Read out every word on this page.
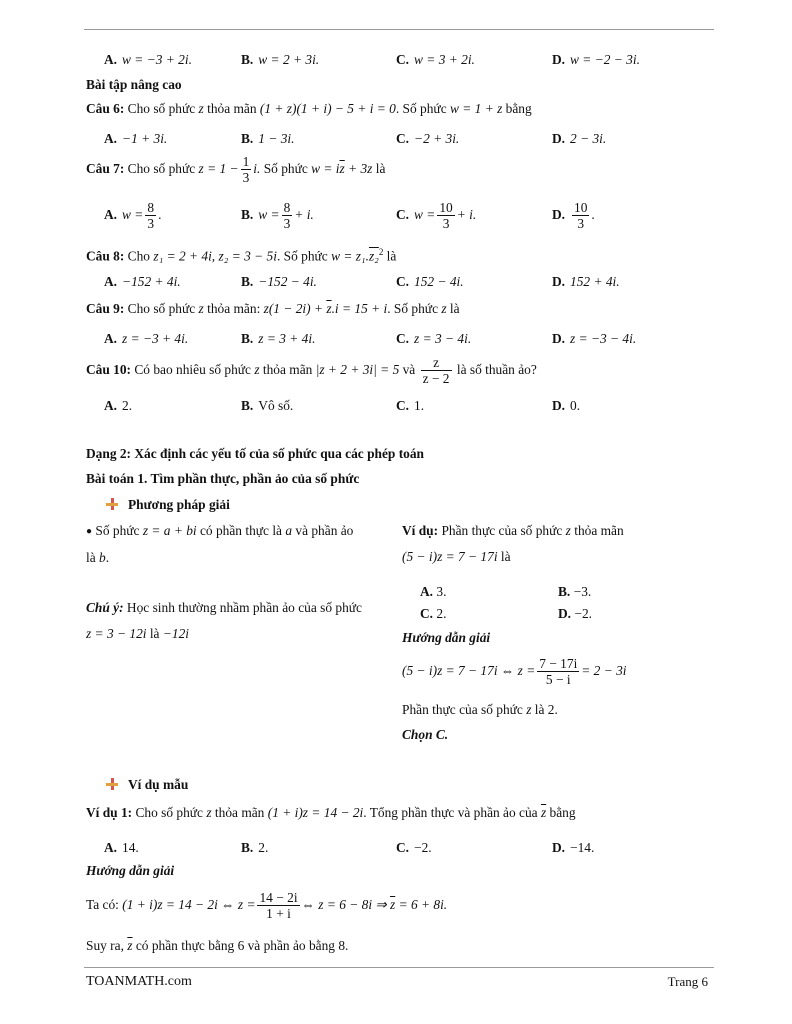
A. w = −3 + 2i.	B. w = 2 + 3i.	C. w = 3 + 2i.	D. w = −2 − 3i.
Bài tập nâng cao
Câu 6: Cho số phức z thỏa mãn (1 + z)(1 + i) − 5 + i = 0. Số phức w = 1 + z bằng
A. −1 + 3i.	B. 1 − 3i.	C. −2 + 3i.	D. 2 − 3i.
Câu 7: Cho số phức $z = 1 - \frac{1}{3} i$. Số phức $w = i\overline{z} + 3z$ là
A. $w = \frac{8}{3}$ .	B. $w = \frac{8}{3} + i$.	C. $w = \frac{10}{3} + i$.	D. $\frac{10}{3}$ .
Câu 8: Cho z₁ = 2 + 4i, z₂ = 3 − 5i. Số phức w = z₁.z₂$^2$ là
A. −152 + 4i.	B. −152 − 4i.	C. 152 − 4i.	D. 152 + 4i.
Câu 9: Cho số phức z thỏa mãn: $z(1 - 2i) + \overline{z}.i = 15 + i$. Số phức z là
A. z = −3 + 4i.	B. z = 3 + 4i.	C. z = 3 − 4i.	D. z = −3 − 4i.
Câu 10: Có bao nhiêu số phức z thỏa mãn |z + 2 + 3i| = 5 và $\frac{z}{z - 2}$ là số thuần ảo?
A. 2.	B. Vô số.	C. 1.	D. 0.
Dạng 2: Xác định các yếu tố của số phức qua các phép toán
Bài toán 1. Tìm phần thực, phần ảo của số phức
Phương pháp giải
● Số phức z = a + bi có phần thực là a và phần ảo
là b.
Chú ý: Học sinh thường nhầm phần ảo của số phức
z = 3 − 12i là −12i
Ví dụ: Phần thực của số phức z thỏa mãn
(5 − i)z = 7 − 17i là
A. 3.	B. −3.
C. 2.	D. −2.
Hướng dẫn giải
(5 − i)z = 7 − 17i ⇔ $z = \frac{7 - 17i}{5 - i} = 2 - 3i$
Phần thực của số phức z là 2.
Chọn C.
Ví dụ mẫu
Ví dụ 1: Cho số phức z thỏa mãn (1 + i)z = 14 − 2i. Tổng phần thực và phần ảo của $\overline{z}$ bằng
A. 14.	B. 2.	C. −2.	D. −14.
Hướng dẫn giải
Ta có: (1 + i)z = 14 − 2i ⇔ $z = \frac{14 - 2i}{1 + i}$ ⇔ z = 6 − 8i ⇒ $\overline{z} = 6 + 8i$.
Suy ra, $\overline{z}$ có phần thực bằng 6 và phần ảo bằng 8.
TOANMATH.com	Trang 6
